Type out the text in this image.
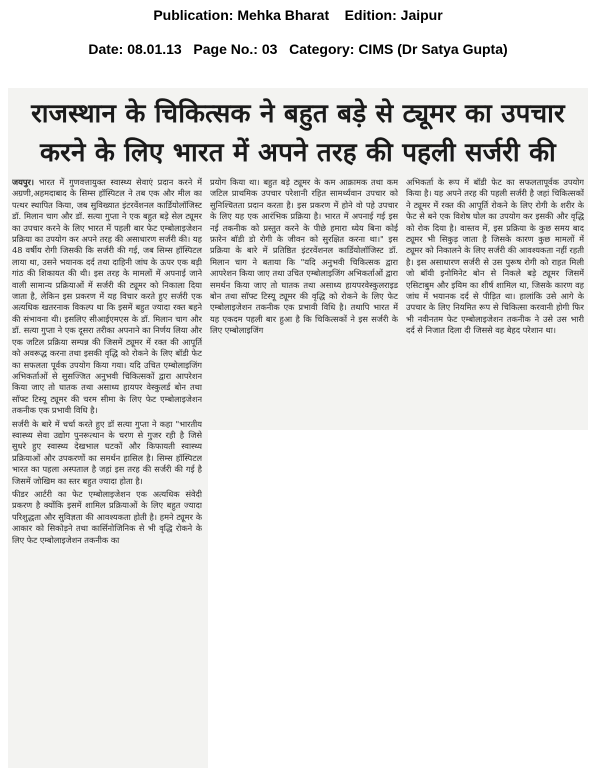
Publication: Mehka Bharat    Edition: Jaipur
Date: 08.01.13   Page No.: 03   Category: CIMS (Dr Satya Gupta)
राजस्थान के चिकित्सक ने बहुत बड़े से ट्यूमर का उपचार
करने के लिए भारत में अपने तरह की पहली सर्जरी की

जयपुर। भारत में गुणवत्तायुक्त स्वास्थ्य सेवाएं प्रदान करने में अग्रणी,अहमदाबाद के सिम्स हॉस्पिटल ने तब एक और मील का पत्थर स्थापित किया, जब सुविख्यात इंटरवेंशनल कार्डियोलॉजिस्ट डॉ. मिलान चाग और डॉ. सत्या गुप्ता ने एक बहुत बड़े सेल ट्यूमर का उपचार करने के लिए भारत में पहली बार फेट एम्बोलाइजेशन प्रक्रिया का उपयोग कर अपने तरह की असाधारण सर्जरी की। यह 48 वर्षीय रोगी जिसकी कि सर्जरी की गई, जब सिम्स हॉस्पिटल लाया था, उसने भयानक दर्द तथा दाहिनी जांघ के ऊपर एक बड़ी गांठ की शिकायत की थी। इस तरह के मामलों में अपनाई जाने वाली सामान्य प्रक्रियाओं में सर्जरी की ट्यूमर को निकाला दिया जाता है, लेकिन इस प्रकरण में यह विचार करते हुए सर्जरी एक अत्यधिक खतरनाक विकल्प था कि इसमें बहुत ज्यादा रक्त बहने की संभावना थी। इसलिए सीआईएमएस के डॉ. मिलान चाग और डॉ. सत्या गुप्ता ने एक दूसरा तरीका अपनाने का निर्णय लिया और एक जटिल प्रक्रिया सम्पन्न की जिसमें ट्यूमर में रक्त की आपूर्ति को अवरूद्ध करना तथा इसकी वृद्धि को रोकने के लिए बॉडी फेट का सफलता पूर्वक उपयोग किया गया। यदि उचित एम्बोलाइजिंग अभिकर्ताओं से सुसज्जित अनुभवी चिकित्सकों द्वारा आपरेशन किया जाए तो घातक तथा असाध्य हायपर वेस्कुलर्ड बोन तथा सॉफ्ट टिस्यू ट्यूमर की चरम सीमा के लिए फेट एम्बोलाइजेशन तकनीक एक प्रभावी विधि है।

सर्जरी के बारे में चर्चा करते हुए डॉ सत्या गुप्ता ने कहा "भारतीय स्वास्थ्य सेवा उद्योग पुनरूत्थान के चरण से गुजर रही है जिसे सुधरे हुए स्वास्थ्य देखभाल घटकों और किफायती स्वास्थ्य प्रक्रियाओं और उपकरणों का समर्थन हासिल है। सिम्स हॉस्पिटल भारत का पहला अस्पताल है जहां इस तरह की सर्जरी की गई है जिसमें जोखिम का स्तर बहुत ज्यादा होता है।

फीडर आर्टरी का फेट एम्बोलाइजेशन एक अत्यधिक संवेदी प्रकरण है क्योंकि इसमें शामिल प्रक्रियाओं के लिए बहुत ज्यादा परिशुद्धता और सुविज्ञता की आवश्यकता होती है। हमने ट्यूमर के आकार को सिकोड़ने तथा कार्सिनोजिनिक से भी वृद्धि रोकने के लिए फेट एम्बोलाइजेशन तकनीक का

प्रयोग किया था। बहुत बड़े ट्यूमर के कम आक्रामक तथा कम जटिल प्राथमिक उपचार परेशानी रहित सामर्थ्यवान उपचार को सुनिश्चितता प्रदान करता है। इस प्रकरण में होने वो पहे उपचार के लिए यह एक आरंभिक प्रक्रिया है। भारत में अपनाई गई इस नई तकनीक को प्रस्तुत करने के पीछे हमारा ध्येय बिना कोई फ़ारेन बॉडी डो रोगी के जीवन को सुरक्षित करना था।" इस प्रक्रिया के बारे में प्रतिष्ठित इंटरवेंशनल कार्डियोलॉजिस्ट डॉ. मिलान चाग ने बताया कि "यदि अनुभवी चिकित्सक द्वारा आपरेशन किया जाए तथा उचित एम्बोलाइजिंग अभिकर्ताओं द्वारा समर्थन किया जाए तो घातक तथा असाध्य हायपरवेस्कुलराइड बोन तथा सॉफ्ट टिस्यू ट्यूमर की वृद्धि को रोकने के लिए फेट एम्बोलाइजेशन तकनीक एक प्रभावी विधि है। तथापि भारत में यह एकदम पहली बार हुआ है कि चिकित्सकों ने इस सर्जरी के लिए एम्बोलाइजिंग

अभिकर्ता के रूप में बॉडी फेट का सफलतापूर्वक उपयोग किया है। यह अपने तरह की पहली सर्जरी है जहां चिकित्सकों ने ट्यूमर में रक्त की आपूर्ति रोकने के लिए रोगी के शरीर के फेट से बने एक विशेष घोल का उपयोग कर इसकी और वृद्धि को रोक दिया है। वास्तव में, इस प्रक्रिया के कुछ समय बाद ट्यूमर भी सिकुड़ जाता है जिसके कारण कुछ मामलों में ट्यूमर को निकालने के लिए सर्जरी की आवश्यकता नहीं रहती है। इस असाधारण सर्जरी से उस पुरूष रोगी को राहत मिली जो बॉयी इनोमिनेट बोन से निकले बड़े ट्यूमर जिसमें एसिटाबुम और इयिम का शीर्ष शामिल था, जिसके कारण वह जांघ में भयानक दर्द से पीड़ित था। हालांकि उसे आगे के उपचार के लिए नियमित रूप से चिकित्सा करवानी होगी फिर भी नवीनतम फेट एम्बोलाइजेशन तकनीक ने उसे उस भारी दर्द से निजात दिला दी जिससे वह बेहद परेशान था।
